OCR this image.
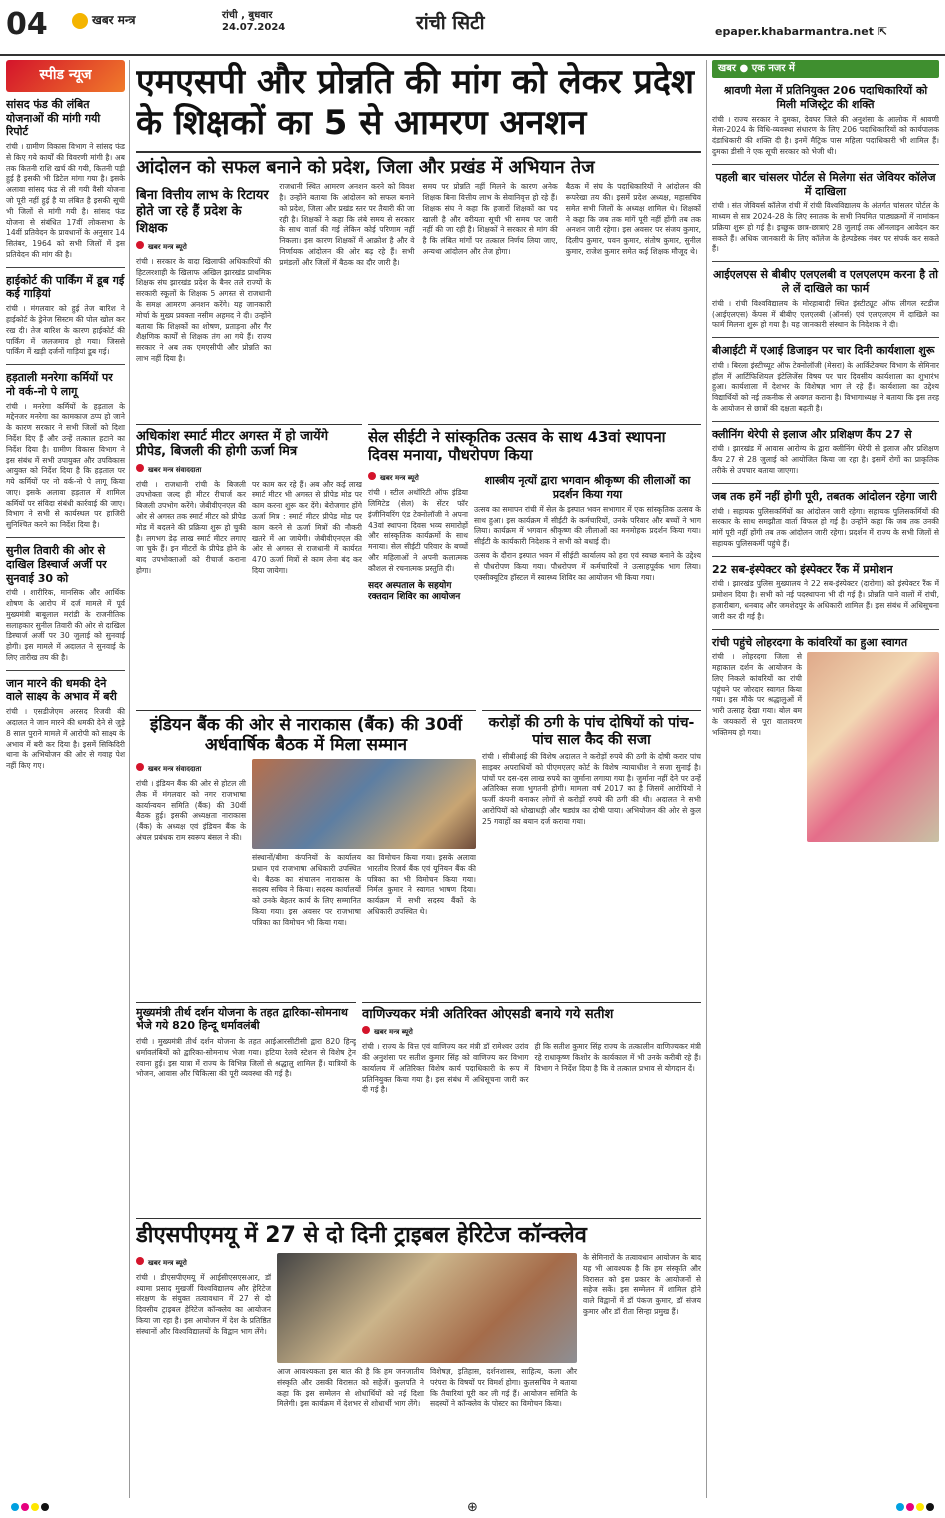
04	खबर मन्त्र	रांची , बुधवार
24.07.2024	रांची सिटी	epaper.khabarmantra.net ⇱
स्पीड न्यूज
सांसद फंड की लंबित योजनाओं की मांगी गयी रिपोर्ट
रांची । ग्रामीण विकास विभाग ने सांसद फंड से किए गये कार्यों की विवरणी मांगी है। अब तक कितनी राशि खर्च की गयी, कितनी पड़ी हुई है इसकी भी डिटेल मांगा गया है। इसके अलावा सांसद फंड से ली गयी वैसी योजना जो पूरी नहीं हुई है या लंबित है इसकी सूची भी जिलों से मांगी गयी है। सांसद फंड योजना से संबंधित 17वीं लोकसभा के 14वीं प्रतिवेदन के प्रावधानों के अनुसार 14 सितंबर, 1964 को सभी जिलों में इस प्रतिवेदन की मांग की है।
हाईकोर्ट की पार्किंग में डूब गई कई गाड़ियां
रांची । मंगलवार को हुई तेज बारिश ने हाईकोर्ट के ड्रेनेज सिस्टम की पोल खोल कर रख दी। तेज बारिश के कारण हाईकोर्ट की पार्किंग में जलजमाव हो गया। जिससे पार्किंग में खड़ी दर्जनों गाड़ियां डूब गई।
हड़ताली मनरेगा कर्मियों पर नो वर्क-नो पे लागू
रांची । मनरेगा कर्मियों के हड़ताल के मद्देनजर मनरेगा का कामकाज ठप्प हो जाने के कारण सरकार ने सभी जिलों को दिशा निर्देश दिए हैं और उन्हें तत्काल हटाने का निर्देश दिया है। ग्रामीण विकास विभाग ने इस संबंध में सभी उपायुक्त और उपविकास आयुक्त को निर्देश दिया है कि हड़ताल पर गये कर्मियों पर नो वर्क-नो पे लागू किया जाए। इसके अलावा हड़ताल में शामिल कर्मियों पर संविदा संबंधी कार्रवाई की जाए। विभाग ने सभी से कार्यस्थल पर हाजिरी सुनिश्चित करने का निर्देश दिया है।
सुनील तिवारी की ओर से दाखिल डिस्चार्ज अर्जी पर सुनवाई 30 को
रांची । शारीरिक, मानसिक और आर्थिक शोषण के आरोप में दर्ज मामले में पूर्व मुख्यमंत्री बाबूलाल मरांडी के राजनीतिक सलाहकार सुनील तिवारी की ओर से दाखिल डिस्चार्ज अर्जी पर 30 जुलाई को सुनवाई होगी। इस मामले में अदालत ने सुनवाई के लिए तारीख तय की है।
जान मारने की धमकी देने वाले साक्ष्य के अभाव में बरी
रांची । एसडीजेएम अरसद रिजवी की अदालत ने जान मारने की धमकी देने से जुड़े 8 साल पुराने मामले में आरोपी को साक्ष्य के अभाव में बरी कर दिया है। इसमें सिकिदिरी थाना के अभियोजन की ओर से गवाह पेश नहीं किए गए।
एमएसपी और प्रोन्नति की मांग को लेकर प्रदेश के शिक्षकों का 5 से आमरण अनशन
आंदोलन को सफल बनाने को प्रदेश, जिला और प्रखंड में अभियान तेज
बिना वित्तीय लाभ के रिटायर होते जा रहे हैं प्रदेश के शिक्षक
खबर मन्त्र ब्यूरो
रांची । सरकार के वादा खिलाफी अधिकारियों की हिटलरशाही के खिलाफ अखिल झारखंड प्राथमिक शिक्षक संघ झारखंड प्रदेश के बैनर तले राज्यों के सरकारी स्कूलों के शिक्षक 5 अगस्त से राजधानी के समक्ष आमरण अनशन करेंगे। यह जानकारी मोर्चा के मुख्य प्रवक्ता नसीम अहमद ने दी। उन्होंने बताया कि शिक्षकों का शोषण, प्रताड़ना और गैर शैक्षणिक कार्यों से शिक्षक तंग आ गये हैं। राज्य सरकार ने अब तक एमएसीपी और प्रोन्नति का लाभ नहीं दिया है।
राजधानी स्थित आमरण अनशन करने को विवश है। उन्होंने बताया कि आंदोलन को सफल बनाने को प्रदेश, जिला और प्रखंड स्तर पर तैयारी की जा रही है। शिक्षकों ने कहा कि लंबे समय से सरकार के साथ वार्ता की गई लेकिन कोई परिणाम नहीं निकला। इस कारण शिक्षकों में आक्रोश है और वे निर्णायक आंदोलन की ओर बढ़ रहे हैं। सभी प्रमंडलों और जिलों में बैठक का दौर जारी है।
समय पर प्रोन्नति नहीं मिलने के कारण अनेक शिक्षक बिना वित्तीय लाभ के सेवानिवृत्त हो रहे हैं। शिक्षक संघ ने कहा कि हजारों शिक्षकों का पद खाली है और वरीयता सूची भी समय पर जारी नहीं की जा रही है। शिक्षकों ने सरकार से मांग की है कि लंबित मांगों पर तत्काल निर्णय लिया जाए, अन्यथा आंदोलन और तेज होगा।
बैठक में संघ के पदाधिकारियों ने आंदोलन की रूपरेखा तय की। इसमें प्रदेश अध्यक्ष, महासचिव समेत सभी जिलों के अध्यक्ष शामिल थे। शिक्षकों ने कहा कि जब तक मांगें पूरी नहीं होंगी तब तक अनशन जारी रहेगा। इस अवसर पर संजय कुमार, दिलीप कुमार, पवन कुमार, संतोष कुमार, सुनील कुमार, राजेश कुमार समेत कई शिक्षक मौजूद थे।
अधिकांश स्मार्ट मीटर अगस्त में हो जायेंगे प्रीपेड, बिजली की होगी ऊर्जा मित्र
खबर मन्त्र संवाददाता
रांची । राजधानी रांची के बिजली उपभोक्ता जल्द ही मीटर रीचार्ज कर बिजली उपभोग करेंगे। जेबीवीएनएल की ओर से अगस्त तक स्मार्ट मीटर को प्रीपेड मोड में बदलने की प्रक्रिया शुरू हो चुकी है। लगभग डेढ़ लाख स्मार्ट मीटर लगाए जा चुके हैं। इन मीटरों के प्रीपेड होने के बाद उपभोक्ताओं को रीचार्ज कराना होगा।
पर काम कर रहे हैं। अब और कई लाख स्मार्ट मीटर भी अगस्त से प्रीपेड मोड पर काम करना शुरू कर देंगे। बेरोजगार होंगे ऊर्जा मित्र : स्मार्ट मीटर प्रीपेड मोड पर काम करने से ऊर्जा मित्रों की नौकरी खतरे में आ जायेगी। जेबीवीएनएल की ओर से अगस्त से राजधानी में कार्यरत 470 ऊर्जा मित्रों से काम लेना बंद कर दिया जायेगा।
सेल सीईटी ने सांस्कृतिक उत्सव के साथ 43वां स्थापना दिवस मनाया, पौधरोपण किया
खबर मन्त्र ब्यूरो
रांची । स्टील अथॉरिटी ऑफ इंडिया लिमिटेड (सेल) के सेंटर फॉर इंजीनियरिंग एंड टेक्नोलॉजी ने अपना 43वां स्थापना दिवस भव्य समारोहों और सांस्कृतिक कार्यक्रमों के साथ मनाया। सेल सीईटी परिवार के बच्चों और महिलाओं ने अपनी कलात्मक कौशल से रचनात्मक प्रस्तुति दी।
सदर अस्पताल के सहयोग रक्तदान शिविर का आयोजन
शास्त्रीय नृत्यों द्वारा भगवान श्रीकृष्ण की लीलाओं का प्रदर्शन किया गया
उत्सव का समापन रांची में सेल के इस्पात भवन सभागार में एक सांस्कृतिक उत्सव के साथ हुआ। इस कार्यक्रम में सीईटी के कर्मचारियों, उनके परिवार और बच्चों ने भाग लिया। कार्यक्रम में भगवान श्रीकृष्ण की लीलाओं का मनमोहक प्रदर्शन किया गया। सीईटी के कार्यकारी निदेशक ने सभी को बधाई दी।
उत्सव के दौरान इस्पात भवन में सीईटी कार्यालय को हरा एवं स्वच्छ बनाने के उद्देश्य से पौधरोपण किया गया। पौधरोपण में कर्मचारियों ने उत्साहपूर्वक भाग लिया। एक्सीक्यूटिव हॉस्टल में स्वास्थ्य शिविर का आयोजन भी किया गया।
इंडियन बैंक की ओर से नाराकास (बैंक) की 30वीं अर्धवार्षिक बैठक में मिला सम्मान
खबर मन्त्र संवाददाता
रांची । इंडियन बैंक की ओर से होटल ली लैक में मंगलवार को नगर राजभाषा कार्यान्वयन समिति (बैंक) की 30वीं बैठक हुई। इसकी अध्यक्षता नाराकास (बैंक) के अध्यक्ष एवं इंडियन बैंक के अंचल प्रबंधक राम स्वरूप बंसल ने की।
संस्थानों/बीमा कंपनियों के कार्यालय प्रधान एवं राजभाषा अधिकारी उपस्थित थे। बैठक का संचालन नाराकास के सदस्य सचिव ने किया। सदस्य कार्यालयों को उनके बेहतर कार्य के लिए सम्मानित किया गया। इस अवसर पर राजभाषा पत्रिका का विमोचन भी किया गया।
का विमोचन किया गया। इसके अलावा भारतीय रिजर्व बैंक एवं यूनियन बैंक की पत्रिका का भी विमोचन किया गया। निर्मल कुमार ने स्वागत भाषण दिया। कार्यक्रम में सभी सदस्य बैंकों के अधिकारी उपस्थित थे।
करोड़ों की ठगी के पांच दोषियों को पांच-पांच साल कैद की सजा
रांची । सीबीआई की विशेष अदालत ने करोड़ों रुपये की ठगी के दोषी करार पांच साइबर अपराधियों को पीएमएलए कोर्ट के विशेष न्यायाधीश ने सजा सुनाई है। पांचों पर दस-दस लाख रुपये का जुर्माना लगाया गया है। जुर्माना नहीं देने पर उन्हें अतिरिक्त सजा भुगतनी होगी। मामला वर्ष 2017 का है जिसमें आरोपियों ने फर्जी कंपनी बनाकर लोगों से करोड़ों रुपये की ठगी की थी। अदालत ने सभी आरोपियों को धोखाधड़ी और षड्यंत्र का दोषी पाया। अभियोजन की ओर से कुल 25 गवाहों का बयान दर्ज कराया गया।
मुख्यमंत्री तीर्थ दर्शन योजना के तहत द्वारिका-सोमनाथ भेजे गये 820 हिन्दू धर्मावलंबी
रांची । मुख्यमंत्री तीर्थ दर्शन योजना के तहत आईआरसीटीसी द्वारा 820 हिन्दू धर्मावलंबियों को द्वारिका-सोमनाथ भेजा गया। हटिया रेलवे स्टेशन से विशेष ट्रेन रवाना हुई। इस यात्रा में राज्य के विभिन्न जिलों से श्रद्धालु शामिल हैं। यात्रियों के भोजन, आवास और चिकित्सा की पूरी व्यवस्था की गई है।
वाणिज्यकर मंत्री अतिरिक्त ओएसडी बनाये गये सतीश
खबर मन्त्र ब्यूरो
रांची । राज्य के वित्त एवं वाणिज्य कर मंत्री डॉ रामेश्वर उरांव की अनुशंसा पर सतीश कुमार सिंह को वाणिज्य कर विभाग कार्यालय में अतिरिक्त विशेष कार्य पदाधिकारी के रूप में प्रतिनियुक्त किया गया है। इस संबंध में अधिसूचना जारी कर दी गई है।
ही कि सतीश कुमार सिंह राज्य के तत्कालीन वाणिज्यकर मंत्री रहे राधाकृष्ण किशोर के कार्यकाल में भी उनके करीबी रहे हैं। विभाग ने निर्देश दिया है कि वे तत्काल प्रभाव से योगदान दें।
डीएसपीएमयू में 27 से दो दिनी ट्राइबल हेरिटेज कॉन्क्लेव
खबर मन्त्र ब्यूरो
रांची । डीएसपीएमयू में आईसीएसएसआर, डॉ श्यामा प्रसाद मुखर्जी विश्वविद्यालय और हेरिटेज संरक्षण के संयुक्त तत्वावधान में 27 से दो दिवसीय ट्राइबल हेरिटेज कॉन्क्लेव का आयोजन किया जा रहा है। इस आयोजन में देश के प्रतिष्ठित संस्थानों और विश्वविद्यालयों के विद्वान भाग लेंगे।
आज आवश्यकता इस बात की है कि हम जनजातीय संस्कृति और उसकी विरासत को सहेजें। कुलपति ने कहा कि इस सम्मेलन से शोधार्थियों को नई दिशा मिलेगी। इस कार्यक्रम में देशभर से शोधार्थी भाग लेंगे।
विशेषज्ञ, इतिहास, दर्शनशास्त्र, साहित्य, कला और परंपरा के विषयों पर विमर्श होगा। कुलसचिव ने बताया कि तैयारियां पूरी कर ली गई हैं। आयोजन समिति के सदस्यों ने कॉन्क्लेव के पोस्टर का विमोचन किया।
के सेमिनारों के तत्वावधान आयोजन के बाद यह भी आवश्यक है कि हम संस्कृति और विरासत को इस प्रकार के आयोजनों से सहेज सकें। इस सम्मेलन में शामिल होने वाले विद्वानों में डॉ पंकज कुमार, डॉ संजय कुमार और डॉ रीता सिन्हा प्रमुख हैं।
खबर ● एक नजर में
श्रावणी मेला में प्रतिनियुक्त 206 पदाधिकारियों को मिली मजिस्ट्रेट की शक्ति
रांची । राज्य सरकार ने दुमका, देवघर जिले की अनुशंसा के आलोक में श्रावणी मेला-2024 के विधि-व्यवस्था संधारण के लिए 206 पदाधिकारियों को कार्यपालक दंडाधिकारी की शक्ति दी है। इनमें मैट्रिक पास महिला पदाधिकारी भी शामिल हैं। दुमका डीसी ने एक सूची सरकार को भेजी थी।
पहली बार चांसलर पोर्टल से मिलेगा संत जेवियर कॉलेज में दाखिला
रांची । संत जेवियर्स कॉलेज रांची में रांची विश्वविद्यालय के अंतर्गत चांसलर पोर्टल के माध्यम से सत्र 2024-28 के लिए स्नातक के सभी नियमित पाठ्यक्रमों में नामांकन प्रक्रिया शुरू हो गई है। इच्छुक छात्र-छात्राएं 28 जुलाई तक ऑनलाइन आवेदन कर सकते हैं। अधिक जानकारी के लिए कॉलेज के हेल्पडेस्क नंबर पर संपर्क कर सकते हैं।
आईएलएस से बीबीए एलएलबी व एलएलएम करना है तो ले लें दाखिले का फार्म
रांची । रांची विश्वविद्यालय के मोरहाबादी स्थित इंस्टीट्यूट ऑफ लीगल स्टडीज (आईएलएस) केंपस में बीबीए एलएलबी (ऑनर्स) एवं एलएलएम में दाखिले का फार्म मिलना शुरू हो गया है। यह जानकारी संस्थान के निदेशक ने दी।
बीआईटी में एआई डिजाइन पर चार दिनी कार्यशाला शुरू
रांची । बिरला इंस्टीच्यूट ऑफ टेक्नोलॉजी (मेसरा) के आर्किटेक्चर विभाग के सेमिनार हॉल में आर्टिफिशियल इंटेलिजेंस विषय पर चार दिवसीय कार्यशाला का शुभारंभ हुआ। कार्यशाला में देशभर के विशेषज्ञ भाग ले रहे हैं। कार्यशाला का उद्देश्य विद्यार्थियों को नई तकनीक से अवगत कराना है। विभागाध्यक्ष ने बताया कि इस तरह के आयोजन से छात्रों की दक्षता बढ़ती है।
क्लीनिंग थेरेपी से इलाज और प्रशिक्षण कैंप 27 से
रांची । झारखंड में आवास आरोग्य के द्वारा क्लीनिंग थेरेपी से इलाज और प्रशिक्षण कैंप 27 से 28 जुलाई को आयोजित किया जा रहा है। इसमें रोगों का प्राकृतिक तरीके से उपचार बताया जाएगा।
जब तक हमें नहीं होगी पूरी, तबतक आंदोलन रहेगा जारी
रांची । सहायक पुलिसकर्मियों का आंदोलन जारी रहेगा। सहायक पुलिसकर्मियों की सरकार के साथ समझौता वार्ता विफल हो गई है। उन्होंने कहा कि जब तक उनकी मांगें पूरी नहीं होंगी तब तक आंदोलन जारी रहेगा। प्रदर्शन में राज्य के सभी जिलों से सहायक पुलिसकर्मी पहुंचे हैं।
22 सब-इंस्पेक्टर को इंस्पेक्टर रैंक में प्रमोशन
रांची । झारखंड पुलिस मुख्यालय ने 22 सब-इंस्पेक्टर (दारोगा) को इंस्पेक्टर रैंक में प्रमोशन दिया है। सभी को नई पदस्थापना भी दी गई है। प्रोन्नति पाने वालों में रांची, हजारीबाग, धनबाद और जमशेदपुर के अधिकारी शामिल हैं। इस संबंध में अधिसूचना जारी कर दी गई है।
रांची पहुंचे लोहरदगा के कांवरियों का हुआ स्वागत
रांची । लोहरदगा जिला से महाकाल दर्शन के आयोजन के लिए निकले कांवरियों का रांची पहुंचने पर जोरदार स्वागत किया गया। इस मौके पर श्रद्धालुओं में भारी उत्साह देखा गया। बोल बम के जयकारों से पूरा वातावरण भक्तिमय हो गया।
⊕
